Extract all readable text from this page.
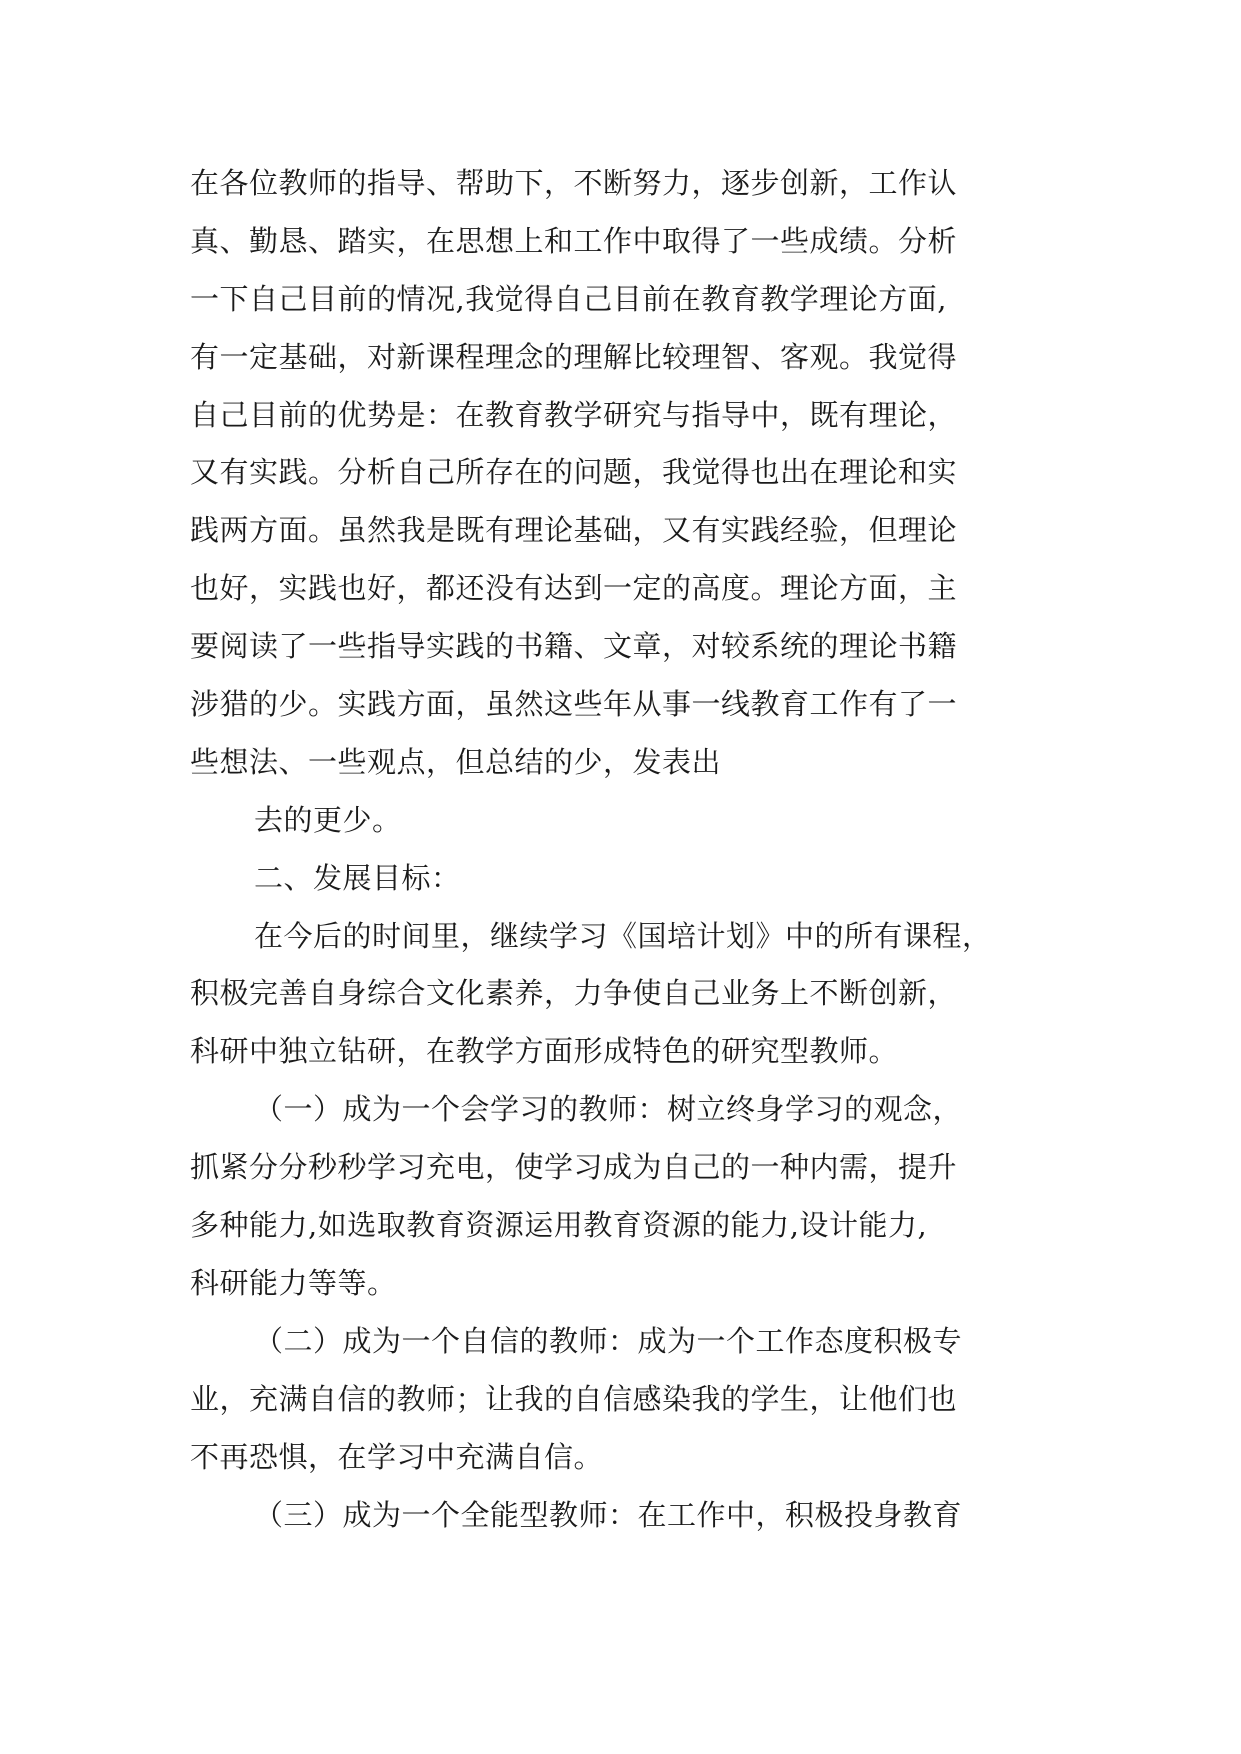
在各位教师的指导、帮助下，不断努力，逐步创新，工作认
真、勤恳、踏实，在思想上和工作中取得了一些成绩。分析
一下自己目前的情况,我觉得自己目前在教育教学理论方面,
有一定基础，对新课程理念的理解比较理智、客观。我觉得
自己目前的优势是：在教育教学研究与指导中，既有理论，
又有实践。分析自己所存在的问题，我觉得也出在理论和实
践两方面。虽然我是既有理论基础，又有实践经验，但理论
也好，实践也好，都还没有达到一定的高度。理论方面，主
要阅读了一些指导实践的书籍、文章，对较系统的理论书籍
涉猎的少。实践方面，虽然这些年从事一线教育工作有了一
些想法、一些观点，但总结的少，发表出
去的更少。
二、发展目标：
在今后的时间里，继续学习《国培计划》中的所有课程，
积极完善自身综合文化素养，力争使自己业务上不断创新，
科研中独立钻研，在教学方面形成特色的研究型教师。
（一）成为一个会学习的教师：树立终身学习的观念，
抓紧分分秒秒学习充电，使学习成为自己的一种内需，提升
多种能力,如选取教育资源运用教育资源的能力,设计能力,
科研能力等等。
（二）成为一个自信的教师：成为一个工作态度积极专
业，充满自信的教师；让我的自信感染我的学生，让他们也
不再恐惧，在学习中充满自信。
（三）成为一个全能型教师：在工作中，积极投身教育
